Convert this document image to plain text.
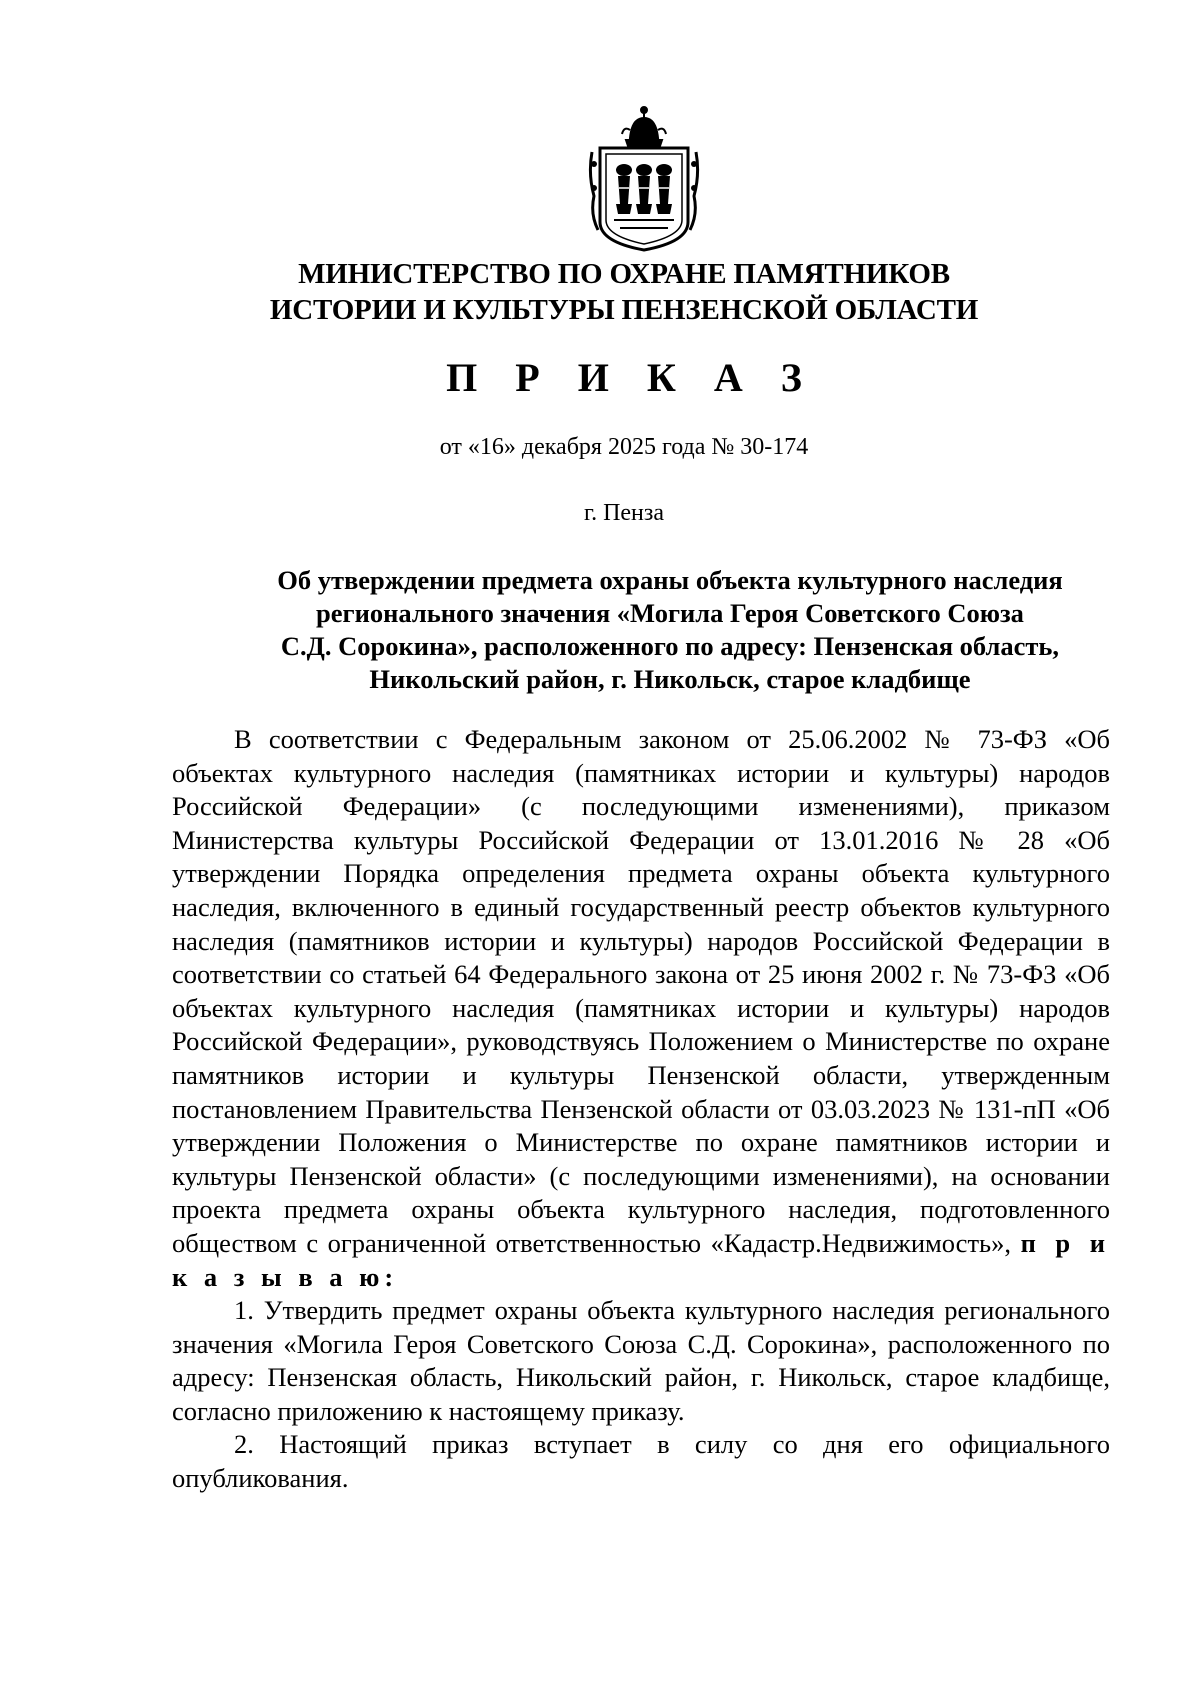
МИНИСТЕРСТВО ПО ОХРАНЕ ПАМЯТНИКОВ
ИСТОРИИ И КУЛЬТУРЫ ПЕНЗЕНСКОЙ ОБЛАСТИ
П Р И К А З
от «16» декабря 2025 года № 30-174
г. Пенза
Об утверждении предмета охраны объекта культурного наследия
регионального значения «Могила Героя Советского Союза
С.Д. Сорокина», расположенного по адресу: Пензенская область,
Никольский район, г. Никольск, старое кладбище

В соответствии с Федеральным законом от 25.06.2002 № 73-ФЗ «Об объектах культурного наследия (памятниках истории и культуры) народов Российской Федерации» (с последующими изменениями), приказом Министерства культуры Российской Федерации от 13.01.2016 № 28 «Об утверждении Порядка определения предмета охраны объекта культурного наследия, включенного в единый государственный реестр объектов культурного наследия (памятников истории и культуры) народов Российской Федерации в соответствии со статьей 64 Федерального закона от 25 июня 2002 г. № 73-ФЗ «Об объектах культурного наследия (памятниках истории и культуры) народов Российской Федерации», руководствуясь Положением о Министерстве по охране памятников истории и культуры Пензенской области, утвержденным постановлением Правительства Пензенской области от 03.03.2023 № 131-пП «Об утверждении Положения о Министерстве по охране памятников истории и культуры Пензенской области» (с последующими изменениями), на основании проекта предмета охраны объекта культурного наследия, подготовленного обществом с ограниченной ответственностью «Кадастр.Недвижимость», п р и к а з ы в а ю:

1. Утвердить предмет охраны объекта культурного наследия регионального значения «Могила Героя Советского Союза С.Д. Сорокина», расположенного по адресу: Пензенская область, Никольский район, г. Никольск, старое кладбище, согласно приложению к настоящему приказу.

2. Настоящий приказ вступает в силу со дня его официального опубликования.
